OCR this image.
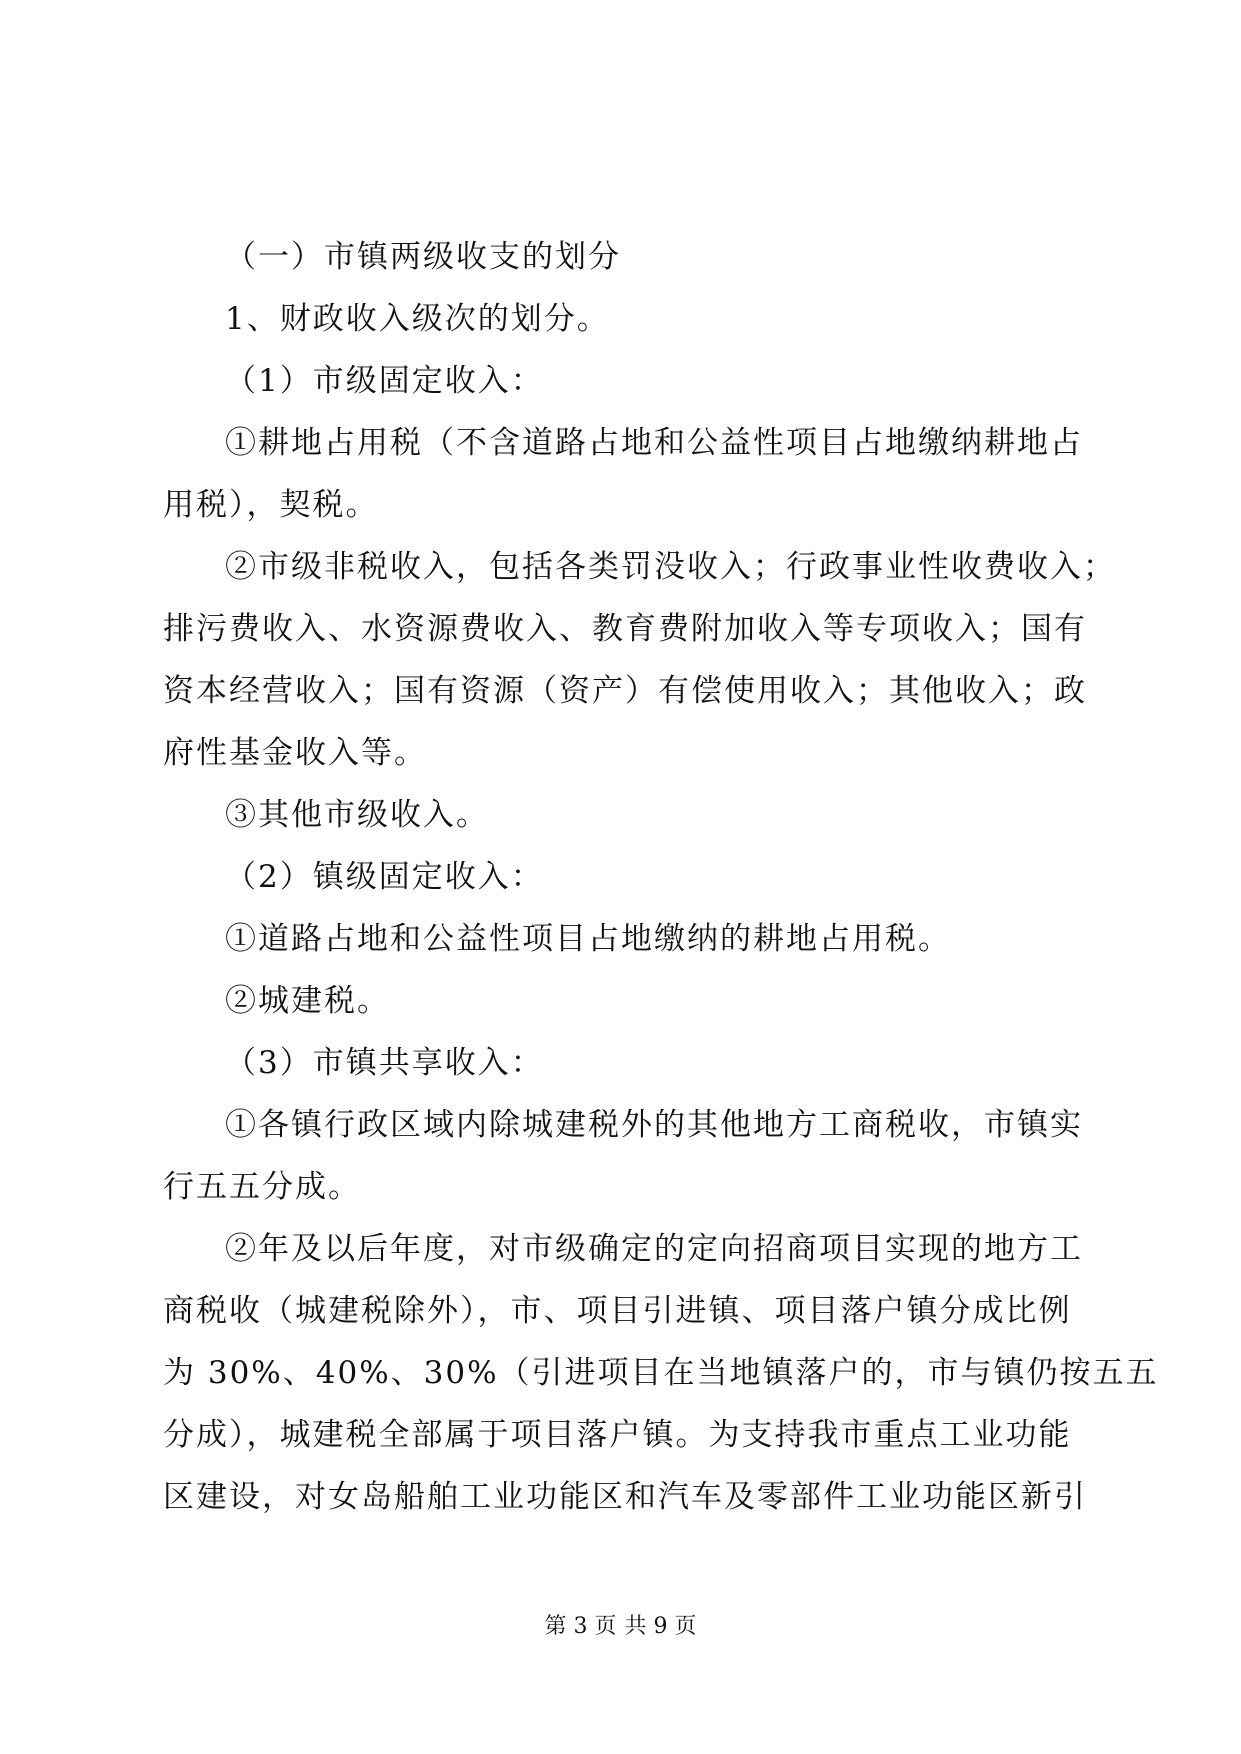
（一）市镇两级收支的划分
1、财政收入级次的划分。
（1）市级固定收入：
①耕地占用税（不含道路占地和公益性项目占地缴纳耕地占
用税），契税。
②市级非税收入，包括各类罚没收入；行政事业性收费收入；
排污费收入、水资源费收入、教育费附加收入等专项收入；国有
资本经营收入；国有资源（资产）有偿使用收入；其他收入；政
府性基金收入等。
③其他市级收入。
（2）镇级固定收入：
①道路占地和公益性项目占地缴纳的耕地占用税。
②城建税。
（3）市镇共享收入：
①各镇行政区域内除城建税外的其他地方工商税收，市镇实
行五五分成。
②年及以后年度，对市级确定的定向招商项目实现的地方工
商税收（城建税除外），市、项目引进镇、项目落户镇分成比例
为 30%、40%、30%（引进项目在当地镇落户的，市与镇仍按五五
分成），城建税全部属于项目落户镇。为支持我市重点工业功能
区建设，对女岛船舶工业功能区和汽车及零部件工业功能区新引
第 3 页 共 9 页
